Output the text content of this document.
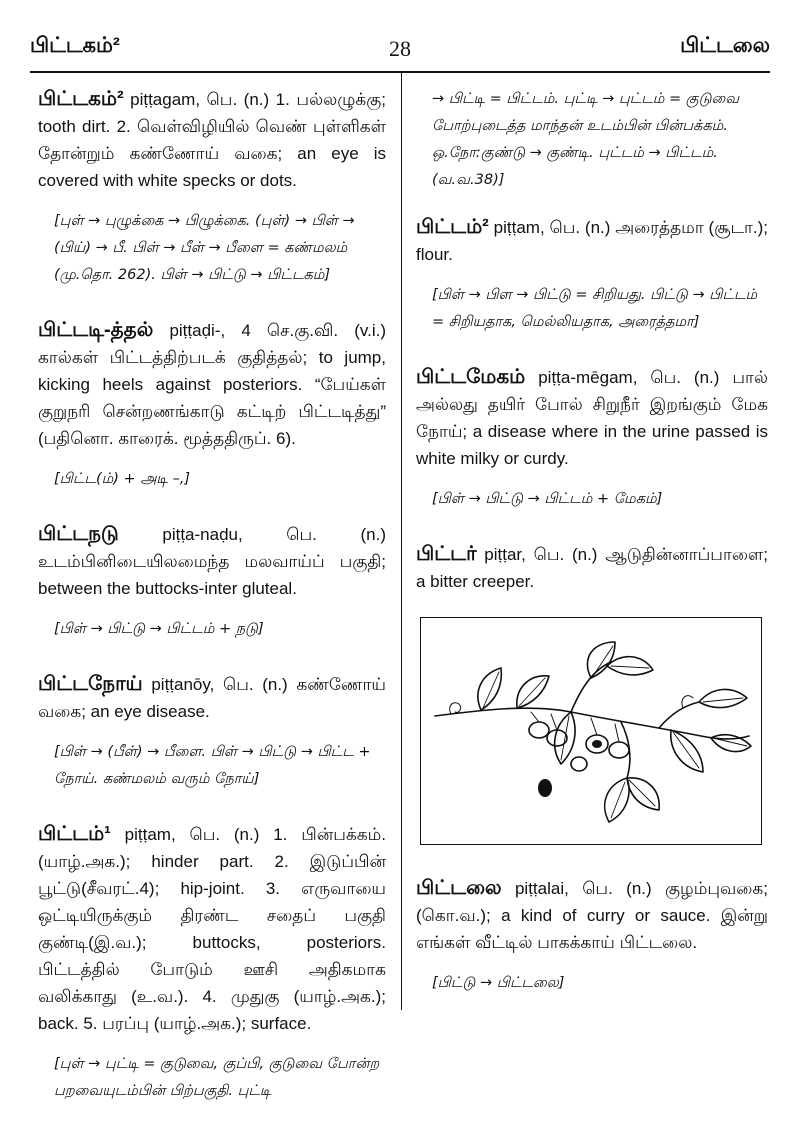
பிட்டகம்²	28	பிட்டலை
பிட்டகம்² piṭṭagam, பெ. (n.) 1. பல்லழுக்கு; tooth dirt. 2. வெள்விழியில் வெண் புள்ளிகள் தோன்றும் கண்ணோய் வகை; an eye is covered with white specks or dots.
[புள் → புழுக்கை → பிழுக்கை. (புள்) → பிள் → (பிய்) → பீ. பிள் → பீள் → பீளை = கண்மலம் (மு.தொ. 262). பிள் → பிட்டு → பிட்டகம்]
பிட்டடி-த்தல் piṭṭaḍi-, 4 செ.கு.வி. (v.i.) கால்கள் பிட்டத்திற்படக் குதித்தல்; to jump, kicking heels against posteriors. “பேய்கள் குறுநரி சென்றணங்காடு கட்டிற் பிட்டடித்து” (பதினொ. காரைக். மூத்ததிருப். 6).
[பிட்ட(ம்) + அடி –,]
பிட்டநடு piṭṭa-naḍu, பெ. (n.) உடம்பினிடையிலமைந்த மலவாய்ப் பகுதி; between the buttocks-inter gluteal.
[பிள் → பிட்டு → பிட்டம் + நடு]
பிட்டநோய் piṭṭanōy, பெ. (n.) கண்ணோய் வகை; an eye disease.
[பிள் → (பீள்) → பீளை. பிள் → பிட்டு → பிட்ட + நோய். கண்மலம் வரும் நோய்]
பிட்டம்¹ piṭṭam, பெ. (n.) 1. பின்பக்கம். (யாழ்.அக.); hinder part. 2. இடுப்பின் பூட்டு(சீவரட்.4); hip-joint. 3. எருவாயை ஒட்டியிருக்கும் திரண்ட சதைப் பகுதி குண்டி(இ.வ.); buttocks, posteriors. பிட்டத்தில் போடும் ஊசி அதிகமாக வலிக்காது (உ.வ.). 4. முதுகு (யாழ்.அக.); back. 5. பரப்பு (யாழ்.அக.); surface.
[புள் → புட்டி = குடுவை, குப்பி, குடுவை போன்ற பறவையுடம்பின் பிற்பகுதி. புட்டி
→ பிட்டி = பிட்டம். புட்டி → புட்டம் = குடுவை போற்புடைத்த மாந்தன் உடம்பின் பின்பக்கம். ஒ.நோ:குண்டு → குண்டி. புட்டம் → பிட்டம். (வ.வ.38)]
பிட்டம்² piṭṭam, பெ. (n.) அரைத்தமா (சூடா.); flour.
[பிள் → பிள → பிட்டு = சிறியது. பிட்டு → பிட்டம் = சிறியதாக, மெல்லியதாக, அரைத்தமா]
பிட்டமேகம் piṭṭa-mēgam, பெ. (n.) பால் அல்லது தயிர் போல் சிறுநீர் இறங்கும் மேக நோய்; a disease where in the urine passed is white milky or curdy.
[பிள் → பிட்டு → பிட்டம் + மேகம்]
பிட்டர் piṭṭar, பெ. (n.) ஆடுதின்னாப்பாளை; a bitter creeper.
பிட்டலை piṭṭalai, பெ. (n.) குழம்புவகை; (கொ.வ.); a kind of curry or sauce. இன்று எங்கள் வீட்டில் பாகக்காய் பிட்டலை.
[பிட்டு → பிட்டலை]
